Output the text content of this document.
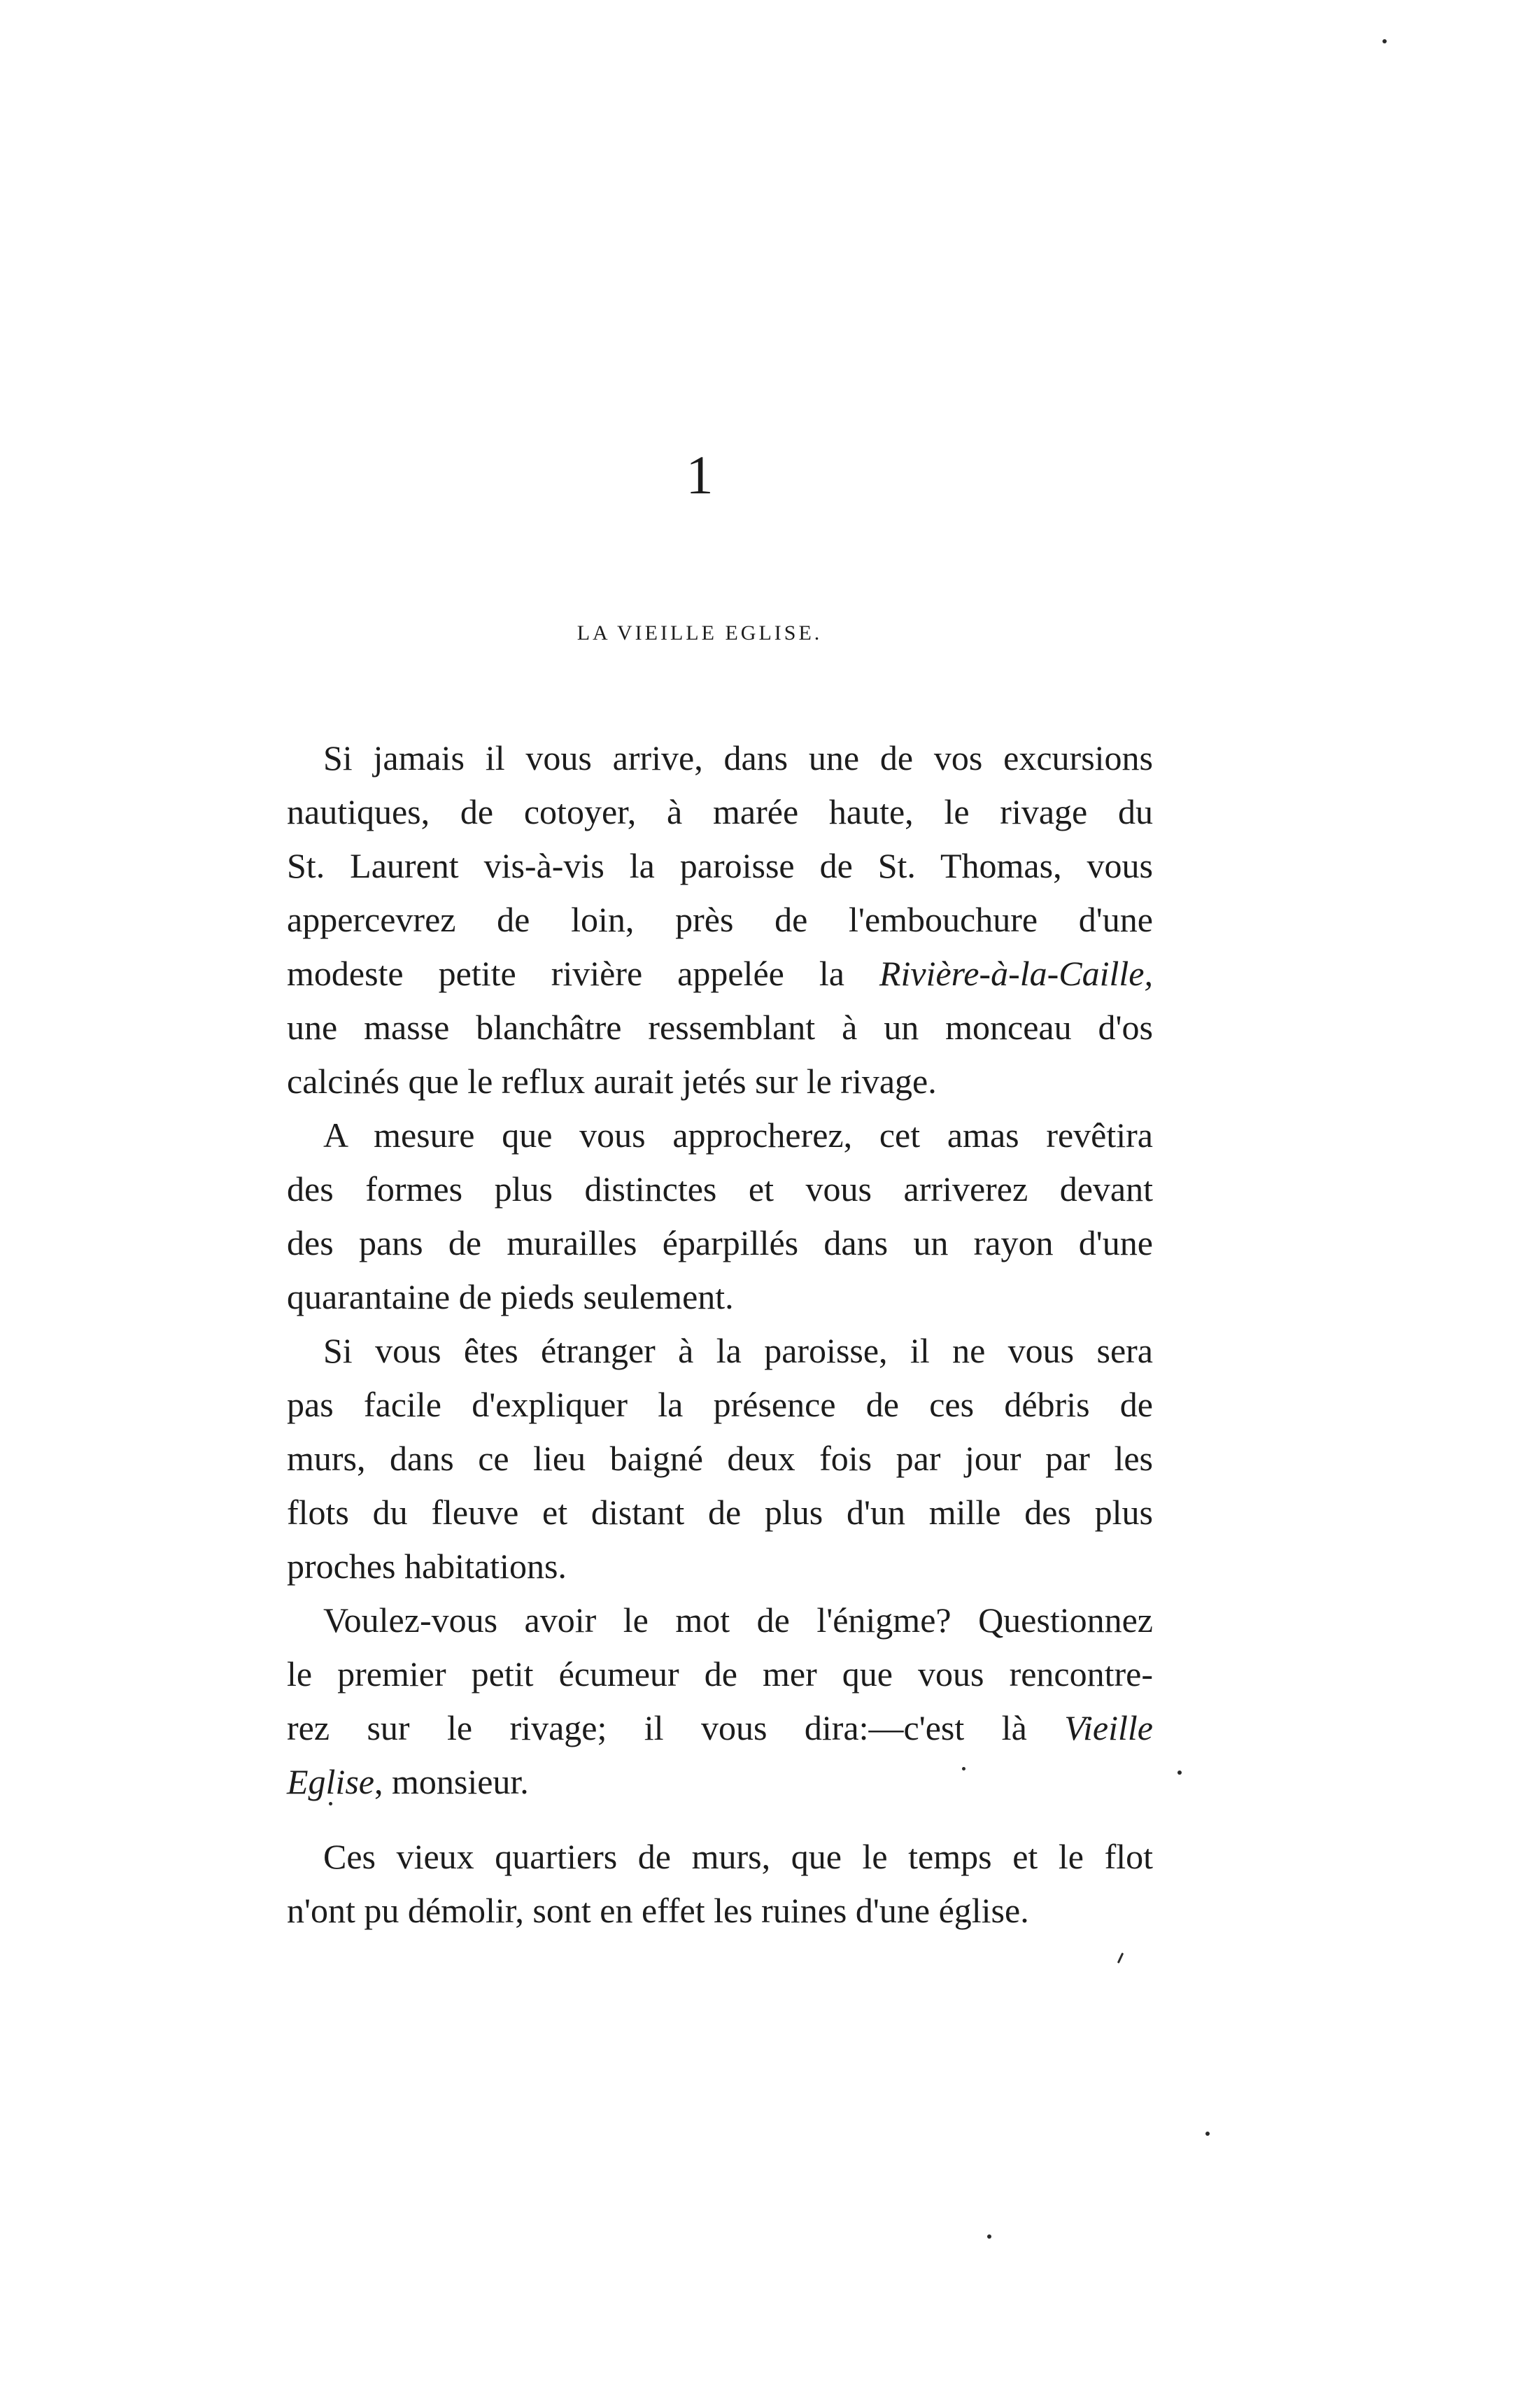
1
LA VIEILLE EGLISE.
Si jamais il vous arrive, dans une de vos excursions
nautiques, de cotoyer, à marée haute, le rivage du
St. Laurent vis-à-vis la paroisse de St. Thomas, vous
appercevrez de loin, près de l'embouchure d'une
modeste petite rivière appelée la Rivière-à-la-Caille,
une masse blanchâtre ressemblant à un monceau d'os
calcinés que le reflux aurait jetés sur le rivage.
A mesure que vous approcherez, cet amas revêtira
des formes plus distinctes et vous arriverez devant
des pans de murailles éparpillés dans un rayon d'une
quarantaine de pieds seulement.
Si vous êtes étranger à la paroisse, il ne vous sera
pas facile d'expliquer la présence de ces débris de
murs, dans ce lieu baigné deux fois par jour par les
flots du fleuve et distant de plus d'un mille des plus
proches habitations.
Voulez-vous avoir le mot de l'énigme? Questionnez
le premier petit écumeur de mer que vous rencontre-
rez sur le rivage; il vous dira:—c'est là Vieille
Eglise, monsieur.
Ces vieux quartiers de murs, que le temps et le flot
n'ont pu démolir, sont en effet les ruines d'une église.
